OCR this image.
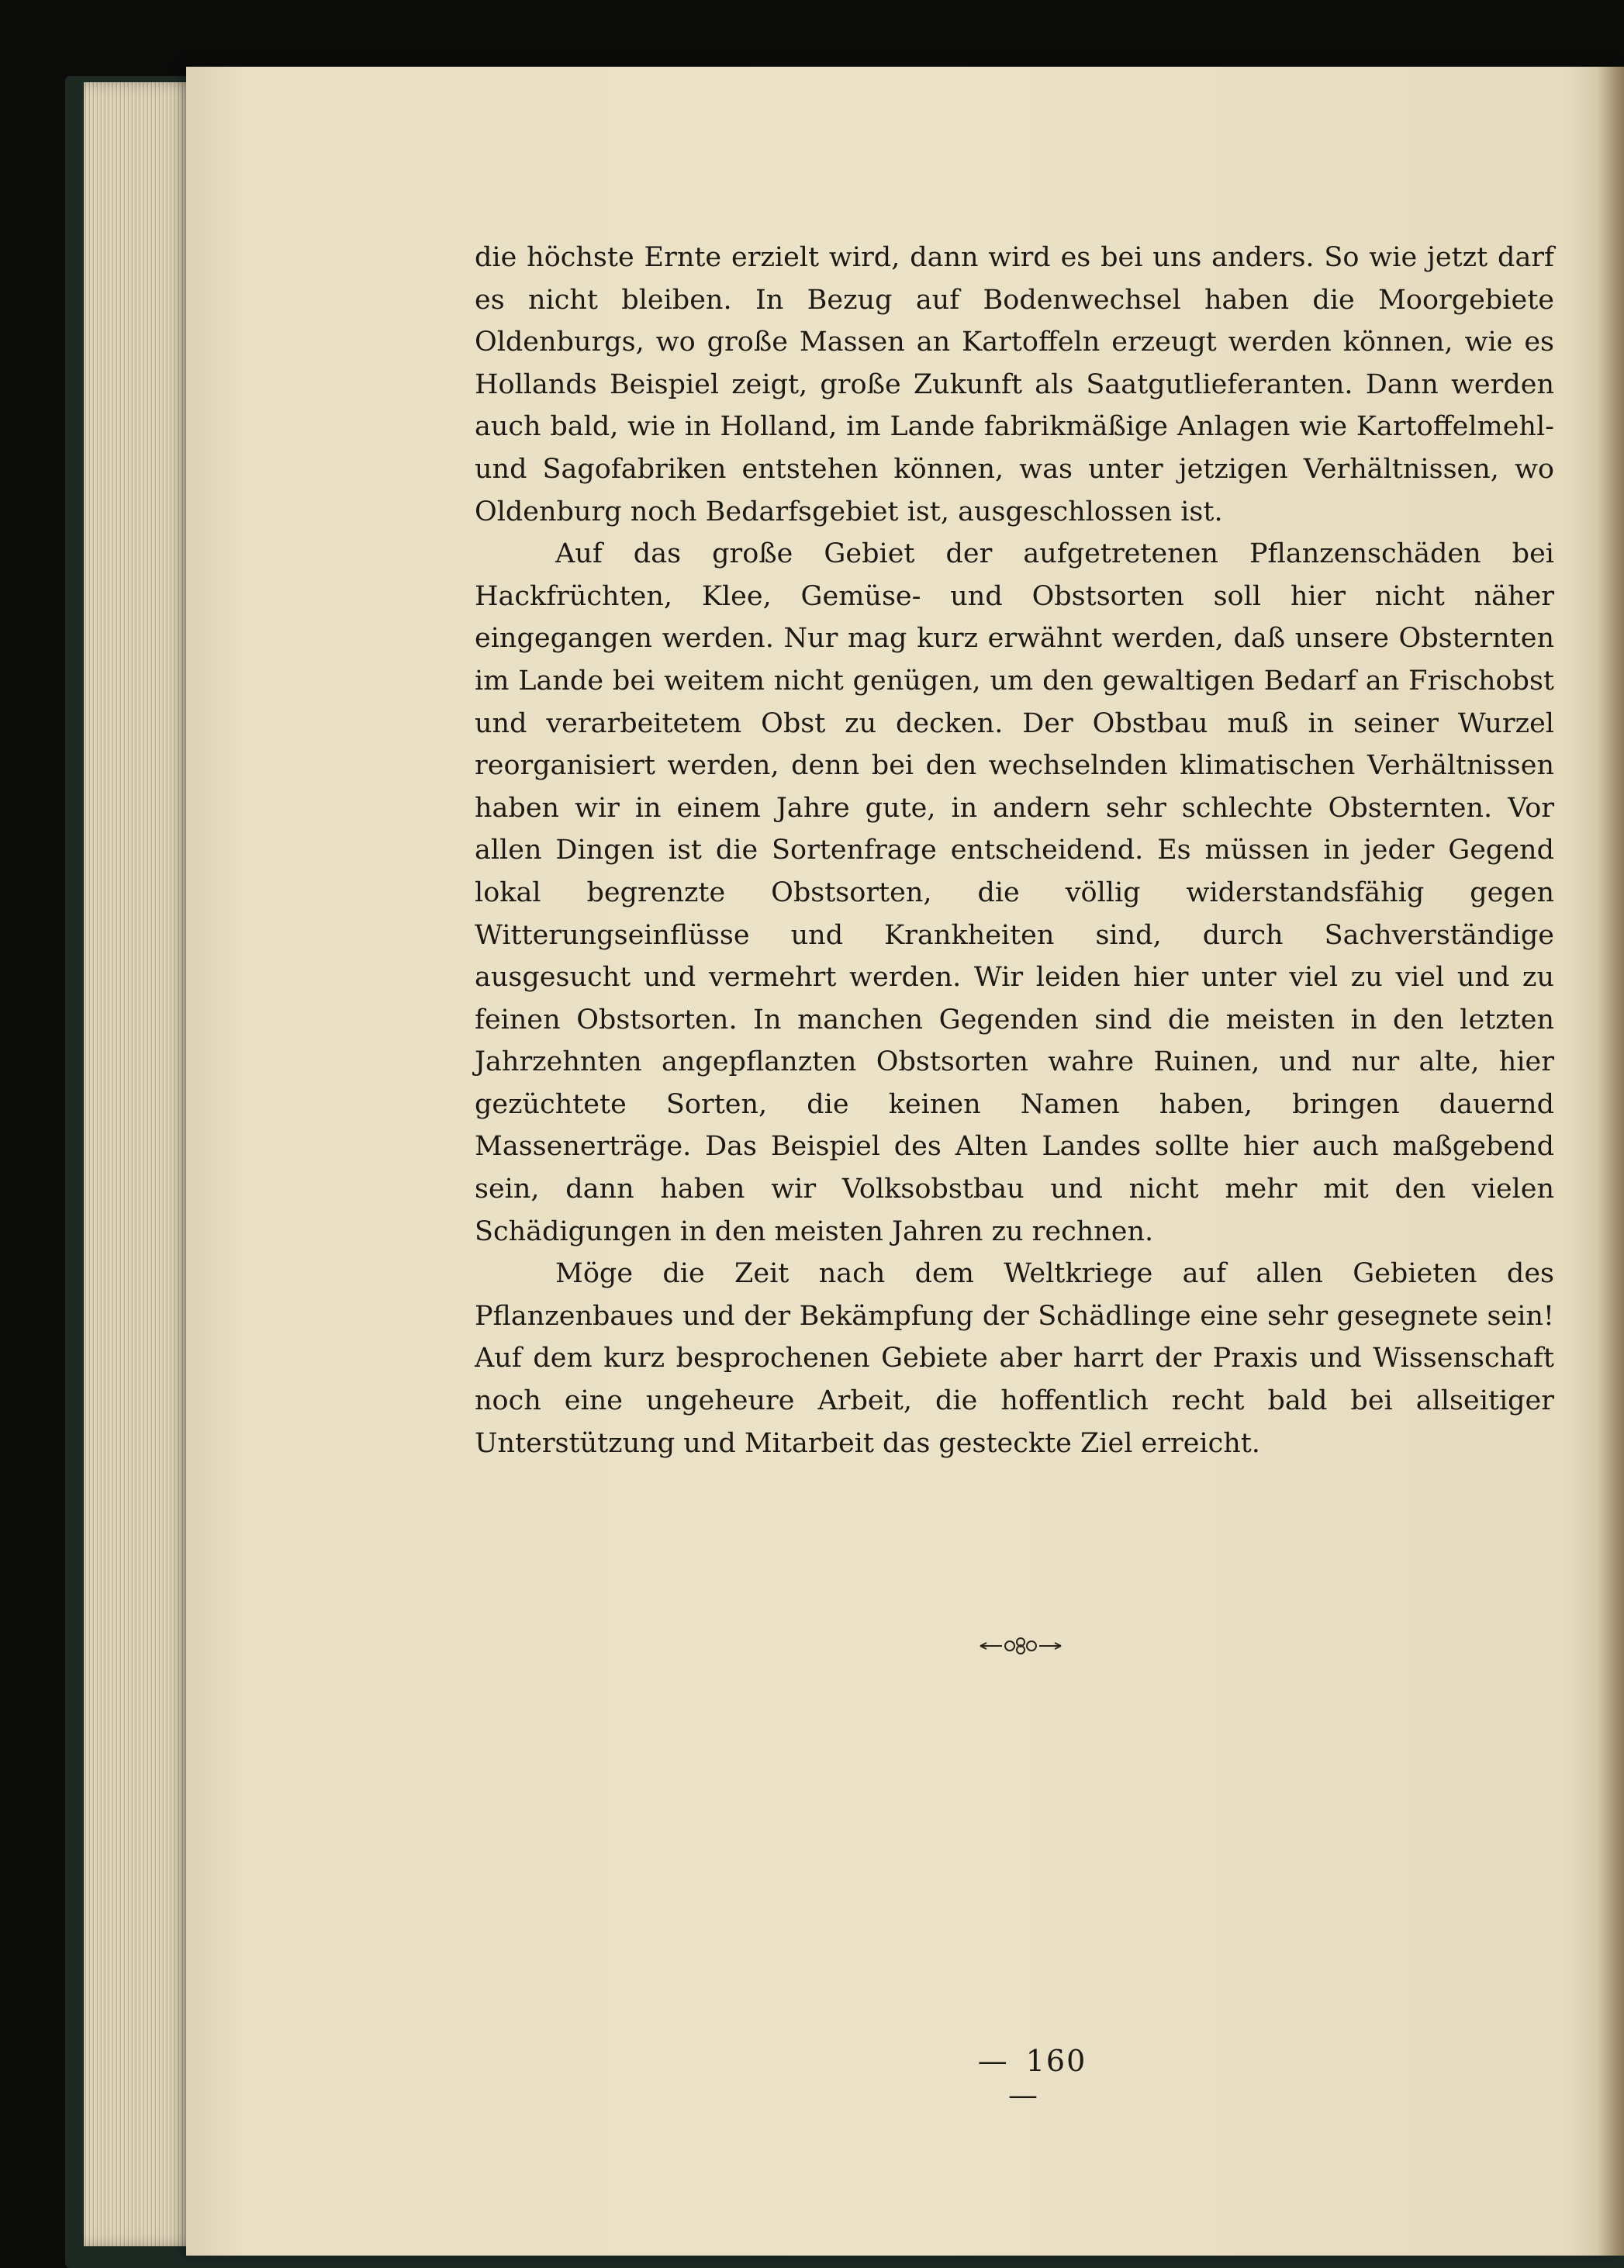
die höchste Ernte erzielt wird, dann wird es bei uns anders. So wie jetzt darf es nicht bleiben. In Bezug auf Bodenwechsel haben die Moorgebiete Oldenburgs, wo große Massen an Kartoffeln erzeugt werden können, wie es Hollands Beispiel zeigt, große Zukunft als Saatgutlieferanten. Dann werden auch bald, wie in Holland, im Lande fabrikmäßige Anlagen wie Kartoffelmehl- und Sagofabriken entstehen können, was unter jetzigen Verhältnissen, wo Oldenburg noch Bedarfsgebiet ist, ausgeschlossen ist.

Auf das große Gebiet der aufgetretenen Pflanzenschäden bei Hackfrüchten, Klee, Gemüse- und Obstsorten soll hier nicht näher eingegangen werden. Nur mag kurz erwähnt werden, daß unsere Obsternten im Lande bei weitem nicht genügen, um den gewaltigen Bedarf an Frischobst und verarbeitetem Obst zu decken. Der Obstbau muß in seiner Wurzel reorganisiert werden, denn bei den wechselnden klimatischen Verhältnissen haben wir in einem Jahre gute, in andern sehr schlechte Obsternten. Vor allen Dingen ist die Sortenfrage entscheidend. Es müssen in jeder Gegend lokal begrenzte Obstsorten, die völlig widerstandsfähig gegen Witterungseinflüsse und Krankheiten sind, durch Sachverständige ausgesucht und vermehrt werden. Wir leiden hier unter viel zu viel und zu feinen Obstsorten. In manchen Gegenden sind die meisten in den letzten Jahrzehnten angepflanzten Obstsorten wahre Ruinen, und nur alte, hier gezüchtete Sorten, die keinen Namen haben, bringen dauernd Massenerträge. Das Beispiel des Alten Landes sollte hier auch maßgebend sein, dann haben wir Volksobstbau und nicht mehr mit den vielen Schädigungen in den meisten Jahren zu rechnen.

Möge die Zeit nach dem Weltkriege auf allen Gebieten des Pflanzenbaues und der Bekämpfung der Schädlinge eine sehr gesegnete sein! Auf dem kurz besprochenen Gebiete aber harrt der Praxis und Wissenschaft noch eine ungeheure Arbeit, die hoffentlich recht bald bei allseitiger Unterstützung und Mitarbeit das gesteckte Ziel erreicht.

— 160—
